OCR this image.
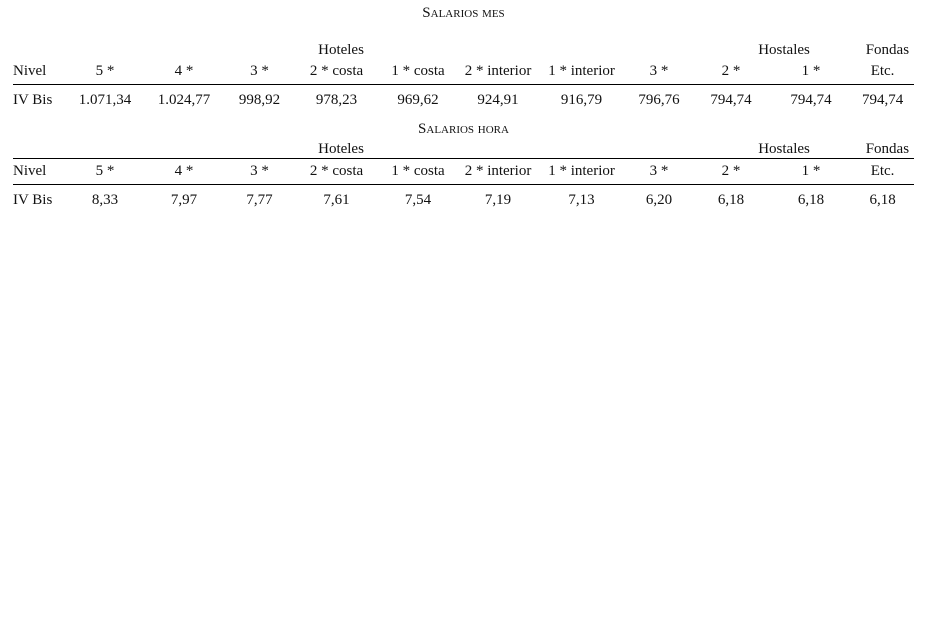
Salarios mes
	Hoteles							Hostales			Fondas
Nivel	5 *	4 *	3 *	2 * costa	1 * costa	2 * interior	1 * interior	3 *	2 *	1 *	Etc.
IV Bis	1.071,34	1.024,77	998,92	978,23	969,62	924,91	916,79	796,76	794,74	794,74	794,74
Salarios hora
	Hoteles							Hostales			Fondas
Nivel	5 *	4 *	3 *	2 * costa	1 * costa	2 * interior	1 * interior	3 *	2 *	1 *	Etc.
IV Bis	8,33	7,97	7,77	7,61	7,54	7,19	7,13	6,20	6,18	6,18	6,18
